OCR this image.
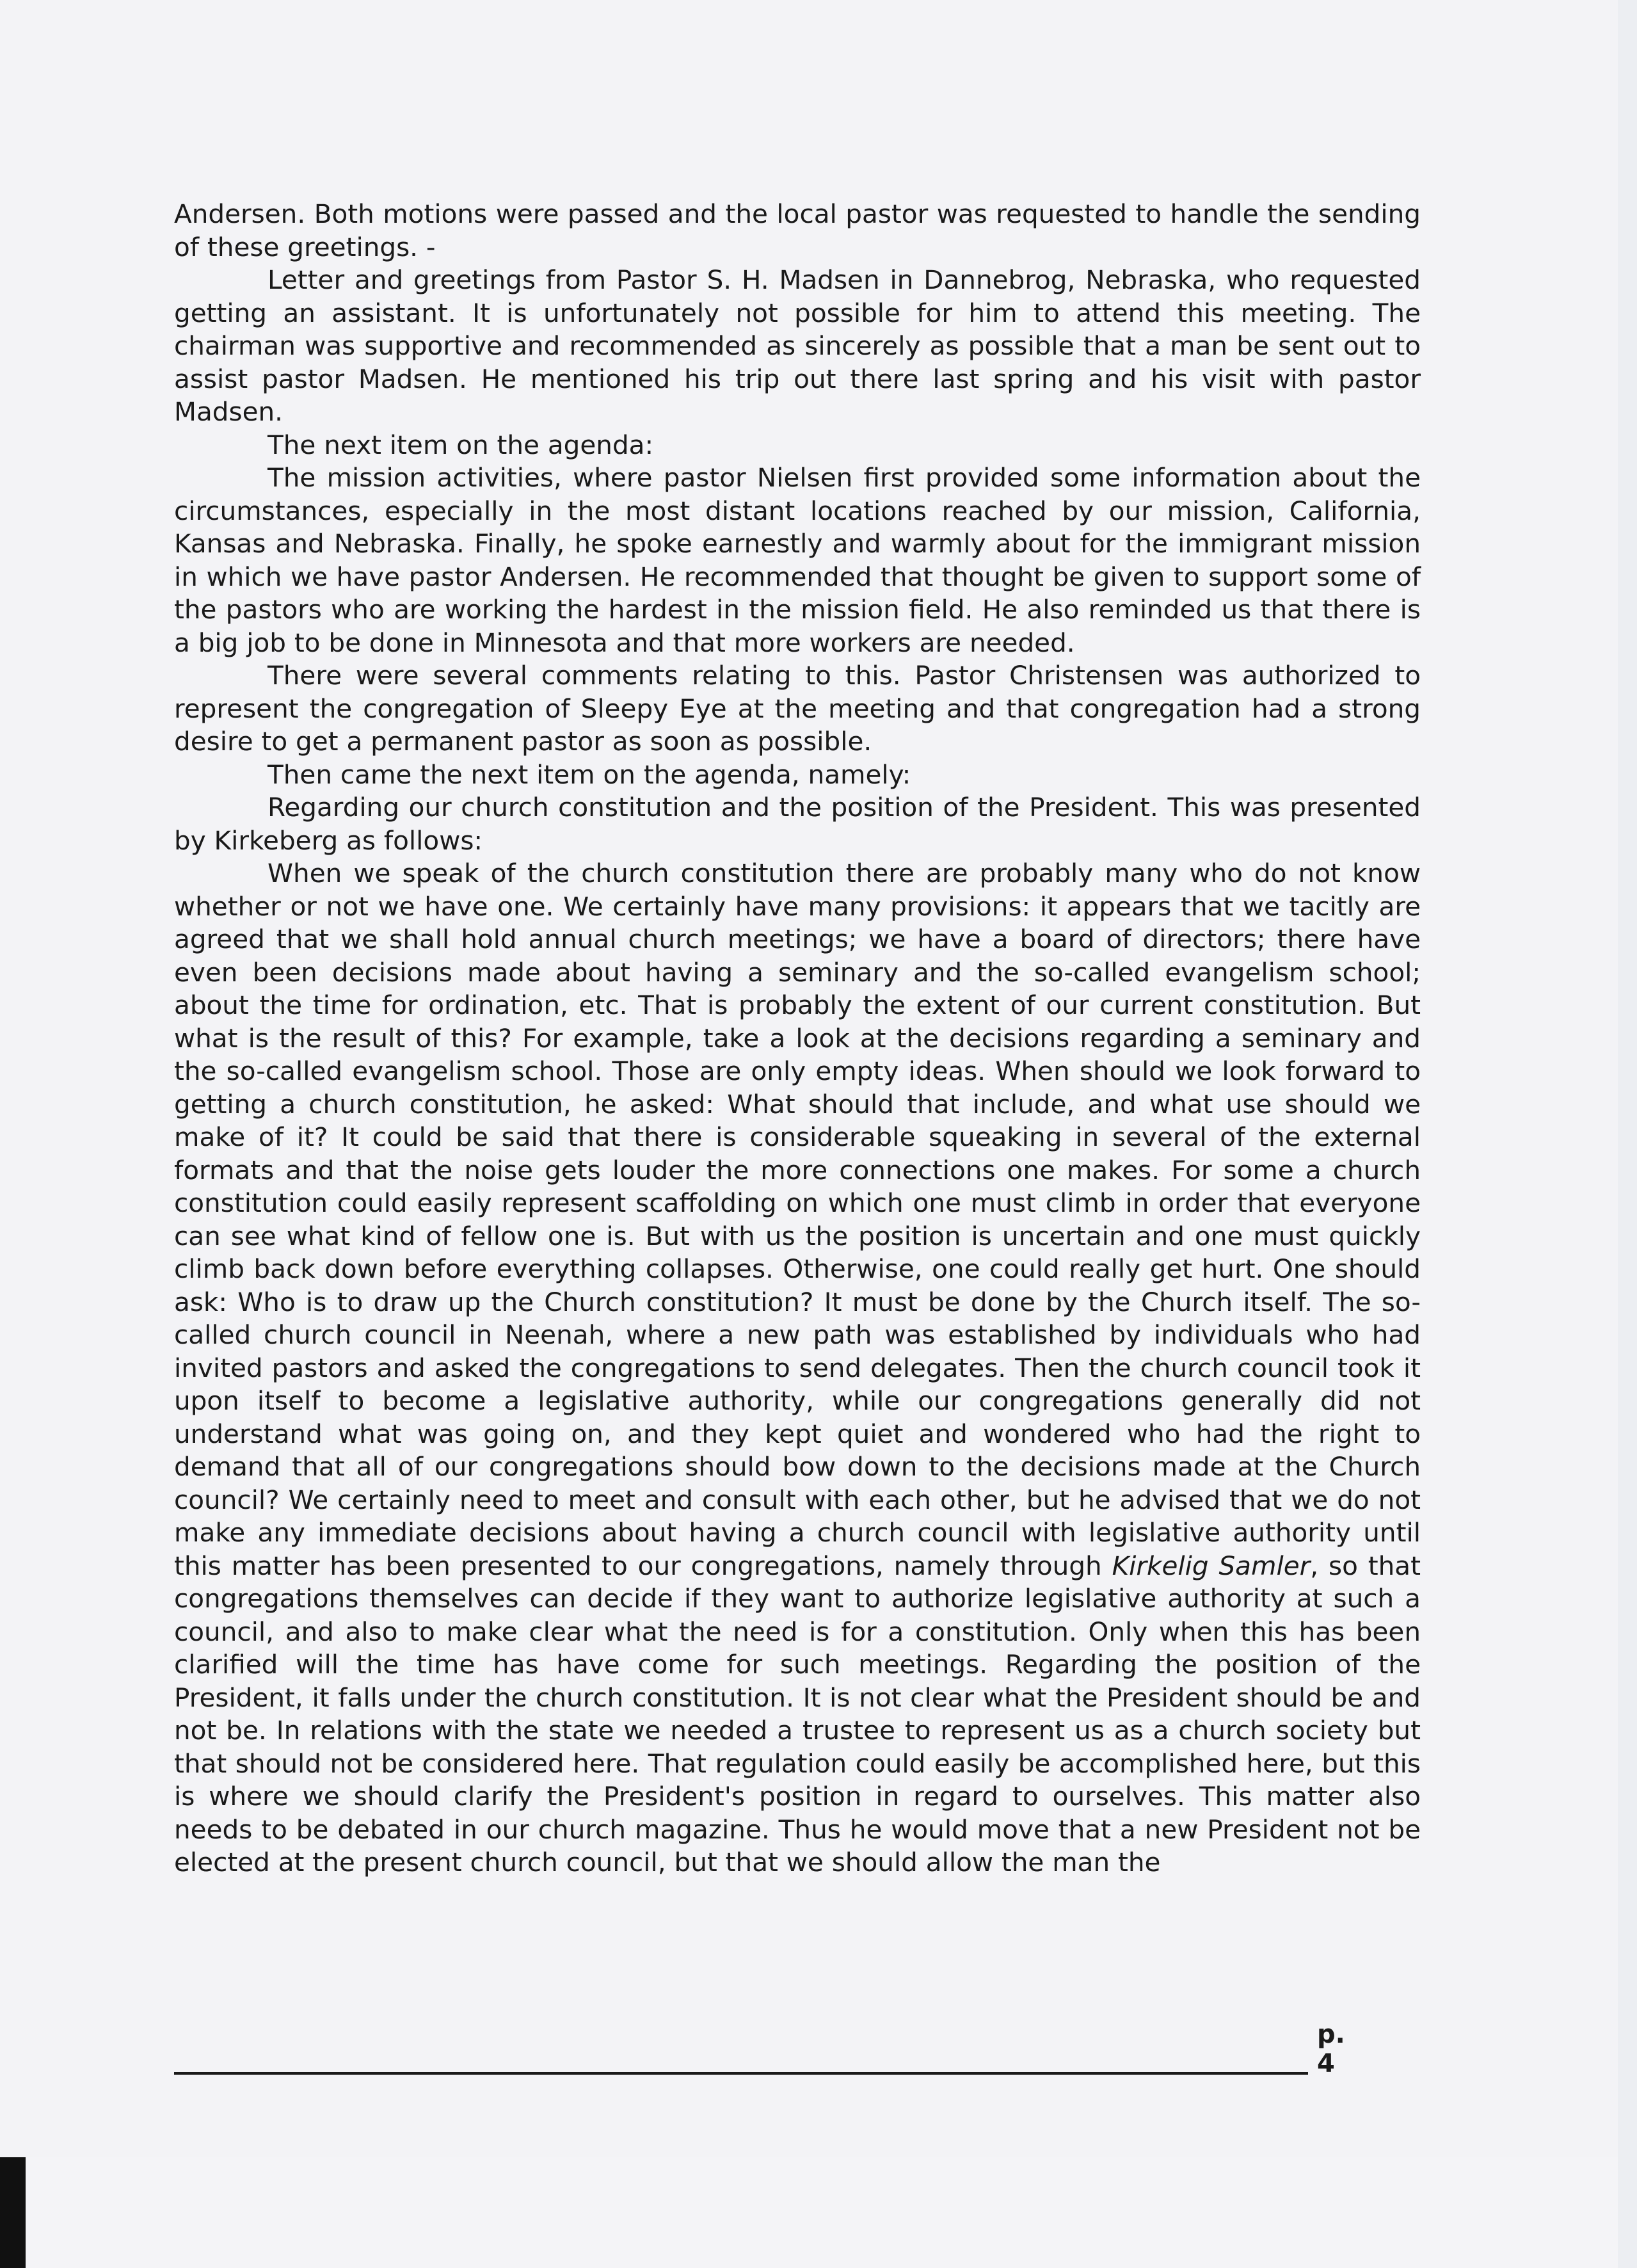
Andersen. Both motions were passed and the local pastor was requested to handle the sending of these greetings. -

Letter and greetings from Pastor S. H. Madsen in Dannebrog, Nebraska, who requested getting an assistant. It is unfortunately not possible for him to attend this meeting. The chairman was supportive and recommended as sincerely as possible that a man be sent out to assist pastor Madsen. He mentioned his trip out there last spring and his visit with pastor Madsen.

The next item on the agenda:

The mission activities, where pastor Nielsen first provided some information about the circumstances, especially in the most distant locations reached by our mission, California, Kansas and Nebraska. Finally, he spoke earnestly and warmly about for the immigrant mission in which we have pastor Andersen. He recommended that thought be given to support some of the pastors who are working the hardest in the mission field. He also reminded us that there is a big job to be done in Minnesota and that more workers are needed.

There were several comments relating to this. Pastor Christensen was authorized to represent the congregation of Sleepy Eye at the meeting and that congregation had a strong desire to get a permanent pastor as soon as possible.

Then came the next item on the agenda, namely:

Regarding our church constitution and the position of the President. This was presented by Kirkeberg as follows:

When we speak of the church constitution there are probably many who do not know whether or not we have one. We certainly have many provisions: it appears that we tacitly are agreed that we shall hold annual church meetings; we have a board of directors; there have even been decisions made about having a seminary and the so-called evangelism school; about the time for ordination, etc. That is probably the extent of our current constitution. But what is the result of this? For example, take a look at the decisions regarding a seminary and the so-called evangelism school. Those are only empty ideas. When should we look forward to getting a church constitution, he asked: What should that include, and what use should we make of it? It could be said that there is considerable squeaking in several of the external formats and that the noise gets louder the more connections one makes. For some a church constitution could easily represent scaffolding on which one must climb in order that everyone can see what kind of fellow one is. But with us the position is uncertain and one must quickly climb back down before everything collapses. Otherwise, one could really get hurt. One should ask: Who is to draw up the Church constitution? It must be done by the Church itself. The so-called church council in Neenah, where a new path was established by individuals who had invited pastors and asked the congregations to send delegates. Then the church council took it upon itself to become a legislative authority, while our congregations generally did not understand what was going on, and they kept quiet and wondered who had the right to demand that all of our congregations should bow down to the decisions made at the Church council? We certainly need to meet and consult with each other, but he advised that we do not make any immediate decisions about having a church council with legislative authority until this matter has been presented to our congregations, namely through Kirkelig Samler, so that congregations themselves can decide if they want to authorize legislative authority at such a council, and also to make clear what the need is for a constitution. Only when this has been clarified will the time has have come for such meetings. Regarding the position of the President, it falls under the church constitution. It is not clear what the President should be and not be. In relations with the state we needed a trustee to represent us as a church society but that should not be considered here. That regulation could easily be accomplished here, but this is where we should clarify the President's position in regard to ourselves. This matter also needs to be debated in our church magazine. Thus he would move that a new President not be elected at the present church council, but that we should allow the man the

p. 4
